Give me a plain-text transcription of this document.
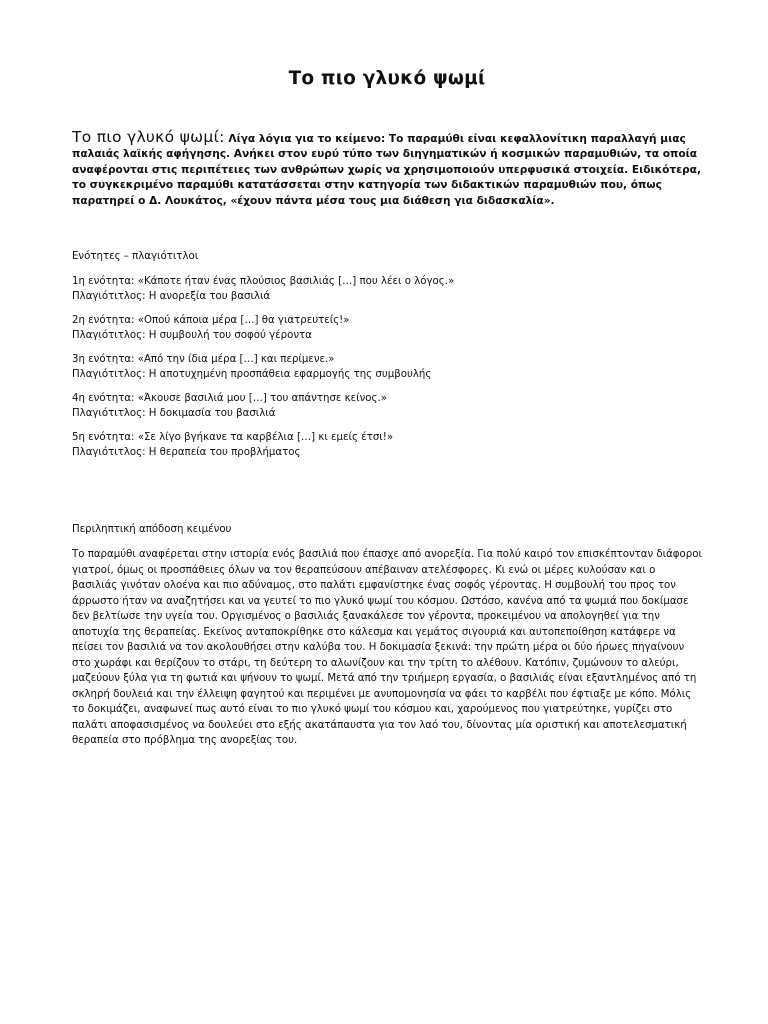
Το πιο γλυκό ψωμί

Το πιο γλυκό ψωμί: Λίγα λόγια για το κείμενο: Το παραμύθι είναι κεφαλλονίτικη παραλλαγή μιας παλαιάς λαϊκής αφήγησης. Ανήκει στον ευρύ τύπο των διηγηματικών ή κοσμικών παραμυθιών, τα οποία αναφέρονται στις περιπέτειες των ανθρώπων χωρίς να χρησιμοποιούν υπερφυσικά στοιχεία. Ειδικότερα, το συγκεκριμένο παραμύθι κατατάσσεται στην κατηγορία των διδακτικών παραμυθιών που, όπως παρατηρεί ο Δ. Λουκάτος, «έχουν πάντα μέσα τους μια διάθεση για διδασκαλία».

Ενότητες – πλαγιότιτλοι

1η ενότητα: «Κάποτε ήταν ένας πλούσιος βασιλιάς […] που λέει ο λόγος.»
Πλαγιότιτλος: Η ανορεξία του βασιλιά

2η ενότητα: «Οπού κάποια μέρα […] θα γιατρευτείς!»
Πλαγιότιτλος: Η συμβουλή του σοφού γέροντα

3η ενότητα: «Από την ίδια μέρα […] και περίμενε.»
Πλαγιότιτλος: Η αποτυχημένη προσπάθεια εφαρμογής της συμβουλής

4η ενότητα: «Άκουσε βασιλιά μου […] του απάντησε κείνος.»
Πλαγιότιτλος: Η δοκιμασία του βασιλιά

5η ενότητα: «Σε λίγο βγήκανε τα καρβέλια […] κι εμείς έτσι!»
Πλαγιότιτλος: Η θεραπεία του προβλήματος

Περιληπτική απόδοση κειμένου

Το παραμύθι αναφέρεται στην ιστορία ενός βασιλιά που έπασχε από ανορεξία. Για πολύ καιρό τον επισκέπτονταν διάφοροι γιατροί, όμως οι προσπάθειες όλων να τον θεραπεύσουν απέβαιναν ατελέσφορες. Κι ενώ οι μέρες κυλούσαν και ο βασιλιάς γινόταν ολοένα και πιο αδύναμος, στο παλάτι εμφανίστηκε ένας σοφός γέροντας. Η συμβουλή του προς τον άρρωστο ήταν να αναζητήσει και να γευτεί το πιο γλυκό ψωμί του κόσμου. Ωστόσο, κανένα από τα ψωμιά που δοκίμασε δεν βελτίωσε την υγεία του. Οργισμένος ο βασιλιάς ξανακάλεσε τον γέροντα, προκειμένου να απολογηθεί για την αποτυχία της θεραπείας. Εκείνος ανταποκρίθηκε στο κάλεσμα και γεμάτος σιγουριά και αυτοπεποίθηση κατάφερε να πείσει τον βασιλιά να τον ακολουθήσει στην καλύβα του. Η δοκιμασία ξεκινά: την πρώτη μέρα οι δύο ήρωες πηγαίνουν στο χωράφι και θερίζουν το στάρι, τη δεύτερη το αλωνίζουν και την τρίτη το αλέθουν. Κατόπιν, ζυμώνουν το αλεύρι, μαζεύουν ξύλα για τη φωτιά και ψήνουν το ψωμί. Μετά από την τριήμερη εργασία, ο βασιλιάς είναι εξαντλημένος από τη σκληρή δουλειά και την έλλειψη φαγητού και περιμένει με ανυπομονησία να φάει το καρβέλι που έφτιαξε με κόπο. Μόλις το δοκιμάζει, αναφωνεί πως αυτό είναι το πιο γλυκό ψωμί του κόσμου και, χαρούμενος που γιατρεύτηκε, γυρίζει στο παλάτι αποφασισμένος να δουλεύει στο εξής ακατάπαυστα για τον λαό του, δίνοντας μία οριστική και αποτελεσματική θεραπεία στο πρόβλημα της ανορεξίας του.
